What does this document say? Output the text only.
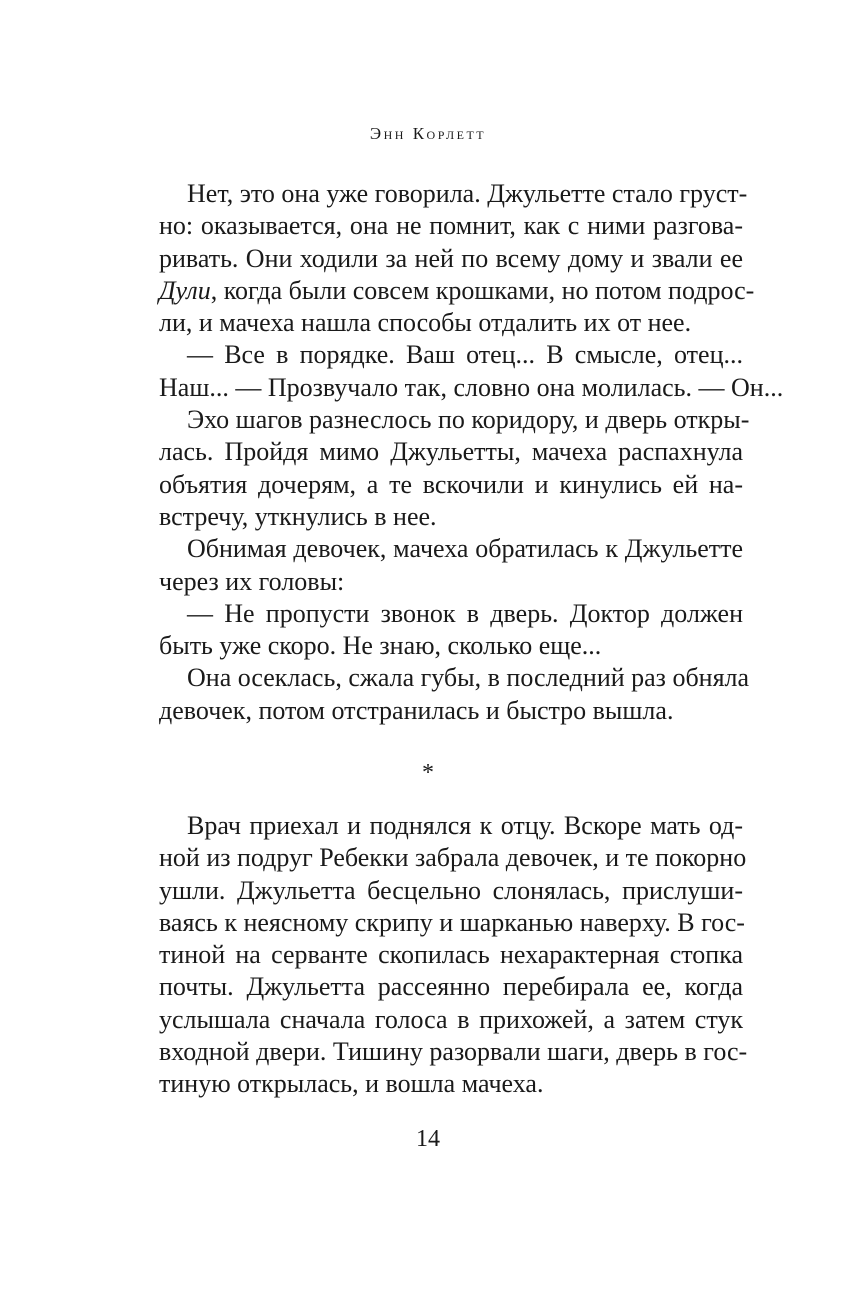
Энн Корлетт
Нет, это она уже говорила. Джульетте стало груст-
но: оказывается, она не помнит, как с ними разгова-
ривать. Они ходили за ней по всему дому и звали ее
Дули, когда были совсем крошками, но потом подрос-
ли, и мачеха нашла способы отдалить их от нее.
— Все в порядке. Ваш отец... В смысле, отец...
Наш... — Прозвучало так, словно она молилась. — Он...
Эхо шагов разнеслось по коридору, и дверь откры-
лась. Пройдя мимо Джульетты, мачеха распахнула
объятия дочерям, а те вскочили и кинулись ей на-
встречу, уткнулись в нее.
Обнимая девочек, мачеха обратилась к Джульетте
через их головы:
— Не пропусти звонок в дверь. Доктор должен
быть уже скоро. Не знаю, сколько еще...
Она осеклась, сжала губы, в последний раз обняла
девочек, потом отстранилась и быстро вышла.
*
Врач приехал и поднялся к отцу. Вскоре мать од-
ной из подруг Ребекки забрала девочек, и те покорно
ушли. Джульетта бесцельно слонялась, прислуши-
ваясь к неясному скрипу и шарканью наверху. В гос-
тиной на серванте скопилась нехарактерная стопка
почты. Джульетта рассеянно перебирала ее, когда
услышала сначала голоса в прихожей, а затем стук
входной двери. Тишину разорвали шаги, дверь в гос-
тиную открылась, и вошла мачеха.
14
